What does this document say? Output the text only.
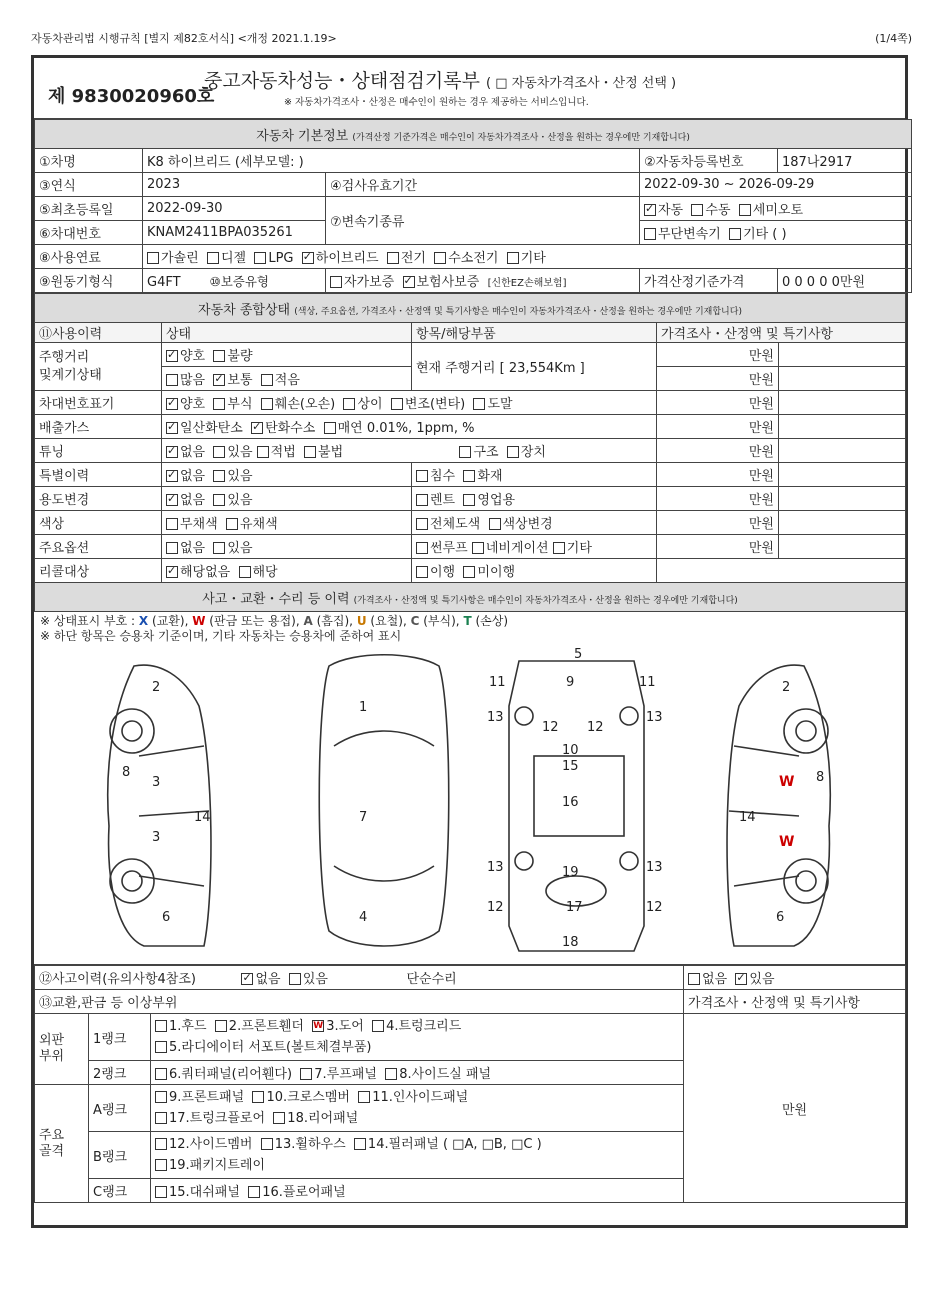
자동차관리법 시행규칙 [별지 제82호서식] <개정 2021.1.19>	(1/4쪽)
제 9830020960호
중고자동차성능・상태점검기록부 ( □ 자동차가격조사・산정 선택 )
※ 자동차가격조사・산정은 매수인이 원하는 경우 제공하는 서비스입니다.
자동차 기본정보 (가격산정 기준가격은 매수인이 자동차가격조사・산정을 원하는 경우에만 기재합니다)				
①차명	K8 하이브리드 (세부모델: )		②자동차등록번호	187나2917
③연식	2023	④검사유효기간	2022-09-30 ~ 2026-09-29	
⑤최초등록일	2022-09-30	⑦변속기종류	✓자동 수동 세미오토
⑥차대번호	KNAM2411BPA035261		무단변속기 기타 ( )	
⑧사용연료	가솔린 디젤 LPG ✓ 하이브리드 전기 수소전기 기타
⑨원동기형식	G4FT ⑩보증유형	자가보증 ✓ 보험사보증 [신한EZ손해보험]	가격산정기준가격	0 0 0 0 0만원
자동차 종합상태 (색상, 주요옵션, 가격조사・산정액 및 특기사항은 매수인이 자동차가격조사・산정을 원하는 경우에만 기재합니다)				
⑪사용이력	상태	항목/해당부품	가격조사・산정액 및 특기사항	
주행거리
및계기상태	✓양호 불량	현재 주행거리 [ 23,554Km ]	만원	
	많음 ✓ 보통 적음		만원	
차대번호표기	✓양호 부식 훼손(오손) 상이 변조(변타) 도말		만원	
배출가스	✓일산화탄소 ✓ 탄화수소 매연 0.01%, 1ppm, %		만원	
튜닝	✓없음 있음 적법 불법 구조 장치		만원	
특별이력	✓없음 있음	침수 화재	만원	
용도변경	✓없음 있음	렌트 영업용	만원	
색상	무채색 유채색	전체도색 색상변경	만원	
주요옵션	없음 있음	썬루프 네비게이션 기타	만원	
리콜대상	✓해당없음 해당	이행 미이행		
사고・교환・수리 등 이력 (가격조사・산정액 및 특기사항은 매수인이 자동차가격조사・산정을 원하는 경우에만 기재합니다)				
※ 상태표시 부호 : X (교환), W (판금 또는 용접), A (흠집), U (요철), C (부식), T (손상)
※ 하단 항목은 승용차 기준이며, 기타 자동차는 승용차에 준하여 표시
2
8
3
3
14
6
1
7
4
5
9
11	11
13	13
12 12
10
15
16
13	13
19
12	12
17
18
2
8
14
6
W
W
⑫사고이력(유의사항4참조) ✓ 없음 있음 단순수리			없음 ✓ 있음
⑬교환,판금 등 이상부위			가격조사・산정액 및 특기사항
외판
부위	1랭크	1.후드 2.프론트휀더 W 3.도어 4.트렁크리드
5.라디에이터 서포트(볼트체결부품)	만원
	2랭크	6.쿼터패널(리어휀다) 7.루프패널 8.사이드실 패널	
주요
골격	A랭크	9.프론트패널 10.크로스멤버 11.인사이드패널
17.트렁크플로어 18.리어패널	
	B랭크	12.사이드멤버 13.휠하우스 14.필러패널 ( □A, □B, □C )
19.패키지트레이	
	C랭크	15.대쉬패널 16.플로어패널	
